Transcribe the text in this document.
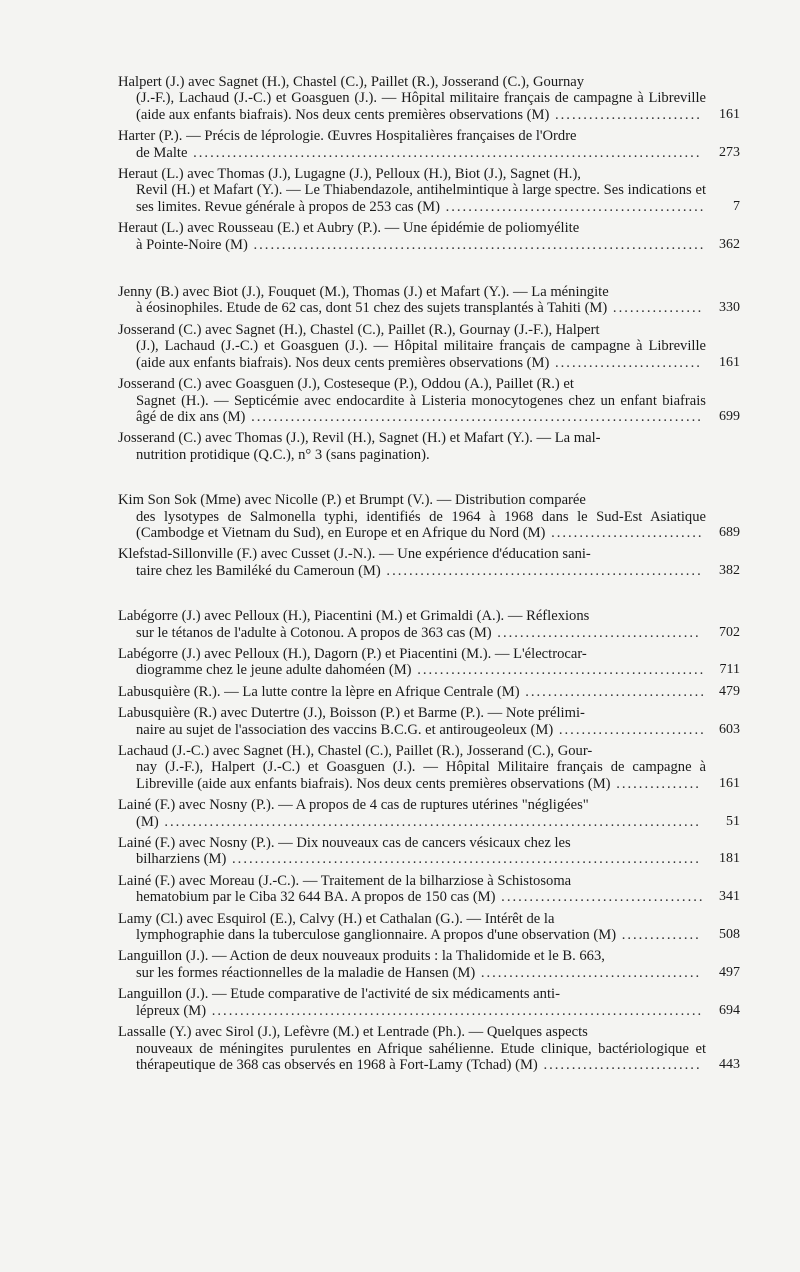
Halpert (J.) avec Sagnet (H.), Chastel (C.), Paillet (R.), Josserand (C.), Gournay
(J.-F.), Lachaud (J.-C.) et Goasguen (J.). — Hôpital militaire français de campagne à Libreville (aide aux enfants biafrais). Nos deux cents premières observations (M) .......................... 161
Harter (P.). — Précis de léprologie. Œuvres Hospitalières françaises de l'Ordre
de Malte ..........................................................................................	273
Heraut (L.) avec Thomas (J.), Lugagne (J.), Pelloux (H.), Biot (J.), Sagnet (H.),
Revil (H.) et Mafart (Y.). — Le Thiabendazole, antihelmintique à large spectre. Ses indications et ses limites. Revue générale à propos de 253 cas (M) .............................................. 7
Heraut (L.) avec Rousseau (E.) et Aubry (P.). — Une épidémie de poliomyélite
à Pointe-Noire (M) ................................................................................ 362
Jenny (B.) avec Biot (J.), Fouquet (M.), Thomas (J.) et Mafart (Y.). — La méningite
à éosinophiles. Etude de 62 cas, dont 51 chez des sujets transplantés à Tahiti (M) ................ 330
Josserand (C.) avec Sagnet (H.), Chastel (C.), Paillet (R.), Gournay (J.-F.), Halpert
(J.), Lachaud (J.-C.) et Goasguen (J.). — Hôpital militaire français de campagne à Libreville (aide aux enfants biafrais). Nos deux cents premières observations (M) .......................... 161
Josserand (C.) avec Goasguen (J.), Costeseque (P.), Oddou (A.), Paillet (R.) et
Sagnet (H.). — Septicémie avec endocardite à Listeria monocytogenes chez un enfant biafrais âgé de dix ans (M) ................................................................................ 699
Josserand (C.) avec Thomas (J.), Revil (H.), Sagnet (H.) et Mafart (Y.). — La mal-
nutrition protidique (Q.C.), n° 3 (sans pagination).
Kim Son Sok (Mme) avec Nicolle (P.) et Brumpt (V.). — Distribution comparée
des lysotypes de Salmonella typhi, identifiés de 1964 à 1968 dans le Sud-Est Asiatique (Cambodge et Vietnam du Sud), en Europe et en Afrique du Nord (M) ........................... 689
Klefstad-Sillonville (F.) avec Cusset (J.-N.). — Une expérience d'éducation sani-
taire chez les Bamiléké du Cameroun (M) ........................................................ 382
Labégorre (J.) avec Pelloux (H.), Piacentini (M.) et Grimaldi (A.). — Réflexions
sur le tétanos de l'adulte à Cotonou. A propos de 363 cas (M) ....................................	702
Labégorre (J.) avec Pelloux (H.), Dagorn (P.) et Piacentini (M.). — L'électrocar-
diogramme chez le jeune adulte dahoméen (M) ................................................... 711
Labusquière (R.). — La lutte contre la lèpre en Afrique Centrale (M) ................................ 479
Labusquière (R.) avec Dutertre (J.), Boisson (P.) et Barme (P.). — Note prélimi-
naire au sujet de l'association des vaccins B.C.G. et antirougeoleux (M) .......................... 603
Lachaud (J.-C.) avec Sagnet (H.), Chastel (C.), Paillet (R.), Josserand (C.), Gour-
nay (J.-F.), Halpert (J.-C.) et Goasguen (J.). — Hôpital Militaire français de campagne à Libreville (aide aux enfants biafrais). Nos deux cents premières observations (M) ...............	161
Lainé (F.) avec Nosny (P.). — A propos de 4 cas de ruptures utérines "négligées"
(M) ...............................................................................................	51
Lainé (F.) avec Nosny (P.). — Dix nouveaux cas de cancers vésicaux chez les
bilharziens (M) ...................................................................................	181
Lainé (F.) avec Moreau (J.-C.). — Traitement de la bilharziose à Schistosoma
hematobium par le Ciba 32 644 BA. A propos de 150 cas (M) .................................... 341
Lamy (Cl.) avec Esquirol (E.), Calvy (H.) et Cathalan (G.). — Intérêt de la
lymphographie dans la tuberculose ganglionnaire. A propos d'une observation (M) ..............	508
Languillon (J.). — Action de deux nouveaux produits : la Thalidomide et le B. 663,
sur les formes réactionnelles de la maladie de Hansen (M) .......................................	497
Languillon (J.). — Etude comparative de l'activité de six médicaments anti-
lépreux (M) ....................................................................................... 694
Lassalle (Y.) avec Sirol (J.), Lefèvre (M.) et Lentrade (Ph.). — Quelques aspects
nouveaux de méningites purulentes en Afrique sahélienne. Etude clinique, bactériologique et thérapeutique de 368 cas observés en 1968 à Fort-Lamy (Tchad) (M) ............................	443
